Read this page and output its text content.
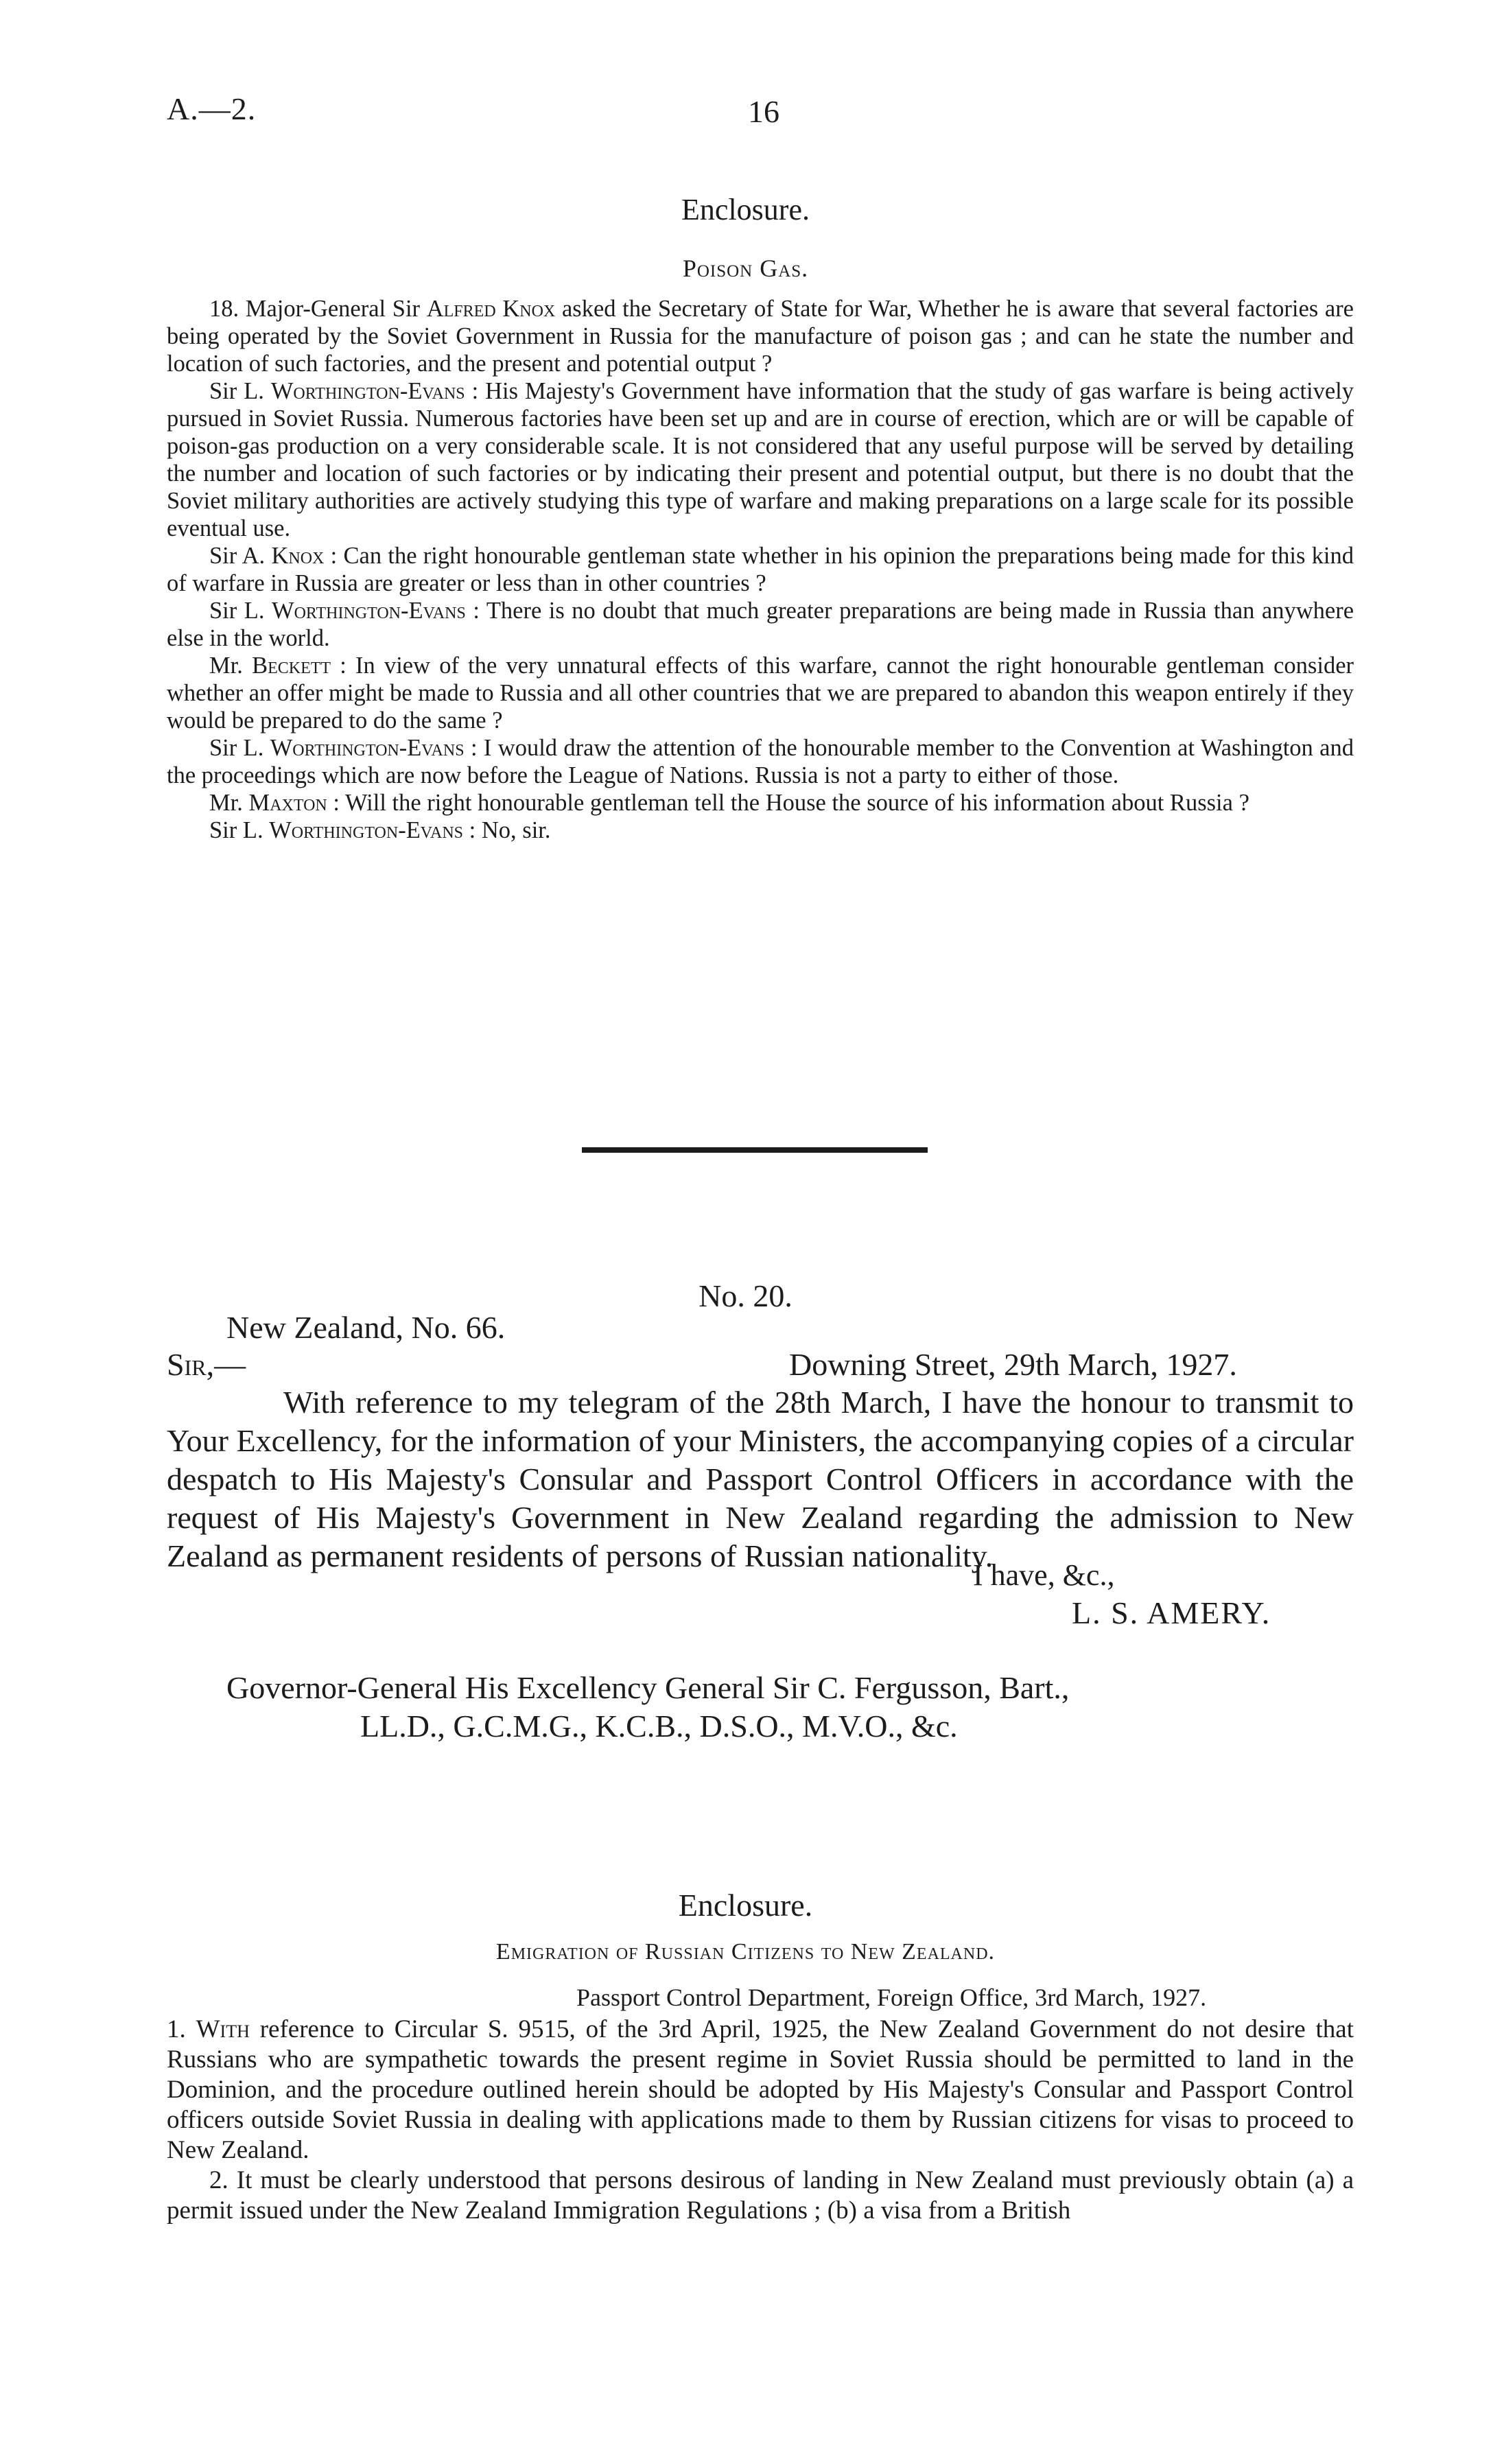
A.—2.	16
Enclosure.
Poison Gas.

18. Major-General Sir Alfred Knox asked the Secretary of State for War, Whether he is aware that several factories are being operated by the Soviet Government in Russia for the manufacture of poison gas ; and can he state the number and location of such factories, and the present and potential output ?

Sir L. Worthington-Evans : His Majesty's Government have information that the study of gas warfare is being actively pursued in Soviet Russia. Numerous factories have been set up and are in course of erection, which are or will be capable of poison-gas production on a very considerable scale. It is not considered that any useful purpose will be served by detailing the number and location of such factories or by indicating their present and potential output, but there is no doubt that the Soviet military authorities are actively studying this type of warfare and making preparations on a large scale for its possible eventual use.

Sir A. Knox : Can the right honourable gentleman state whether in his opinion the preparations being made for this kind of warfare in Russia are greater or less than in other countries ?

Sir L. Worthington-Evans : There is no doubt that much greater preparations are being made in Russia than anywhere else in the world.

Mr. Beckett : In view of the very unnatural effects of this warfare, cannot the right honourable gentleman consider whether an offer might be made to Russia and all other countries that we are prepared to abandon this weapon entirely if they would be prepared to do the same ?

Sir L. Worthington-Evans : I would draw the attention of the honourable member to the Convention at Washington and the proceedings which are now before the League of Nations. Russia is not a party to either of those.

Mr. Maxton : Will the right honourable gentleman tell the House the source of his information about Russia ?

Sir L. Worthington-Evans : No, sir.

No. 20.
New Zealand, No. 66.
Sir,—	Downing Street, 29th March, 1927.

With reference to my telegram of the 28th March, I have the honour to transmit to Your Excellency, for the information of your Ministers, the accompanying copies of a circular despatch to His Majesty's Consular and Passport Control Officers in accordance with the request of His Majesty's Government in New Zealand regarding the admission to New Zealand as permanent residents of persons of Russian nationality.

I have, &c.,
L. S. AMERY.
Governor-General His Excellency General Sir C. Fergusson, Bart.,
LL.D., G.C.M.G., K.C.B., D.S.O., M.V.O., &c.
Enclosure.
Emigration of Russian Citizens to New Zealand.
Passport Control Department, Foreign Office, 3rd March, 1927.

1. With reference to Circular S. 9515, of the 3rd April, 1925, the New Zealand Government do not desire that Russians who are sympathetic towards the present regime in Soviet Russia should be permitted to land in the Dominion, and the procedure outlined herein should be adopted by His Majesty's Consular and Passport Control officers outside Soviet Russia in dealing with applications made to them by Russian citizens for visas to proceed to New Zealand.

2. It must be clearly understood that persons desirous of landing in New Zealand must previously obtain (a) a permit issued under the New Zealand Immigration Regulations ; (b) a visa from a British
